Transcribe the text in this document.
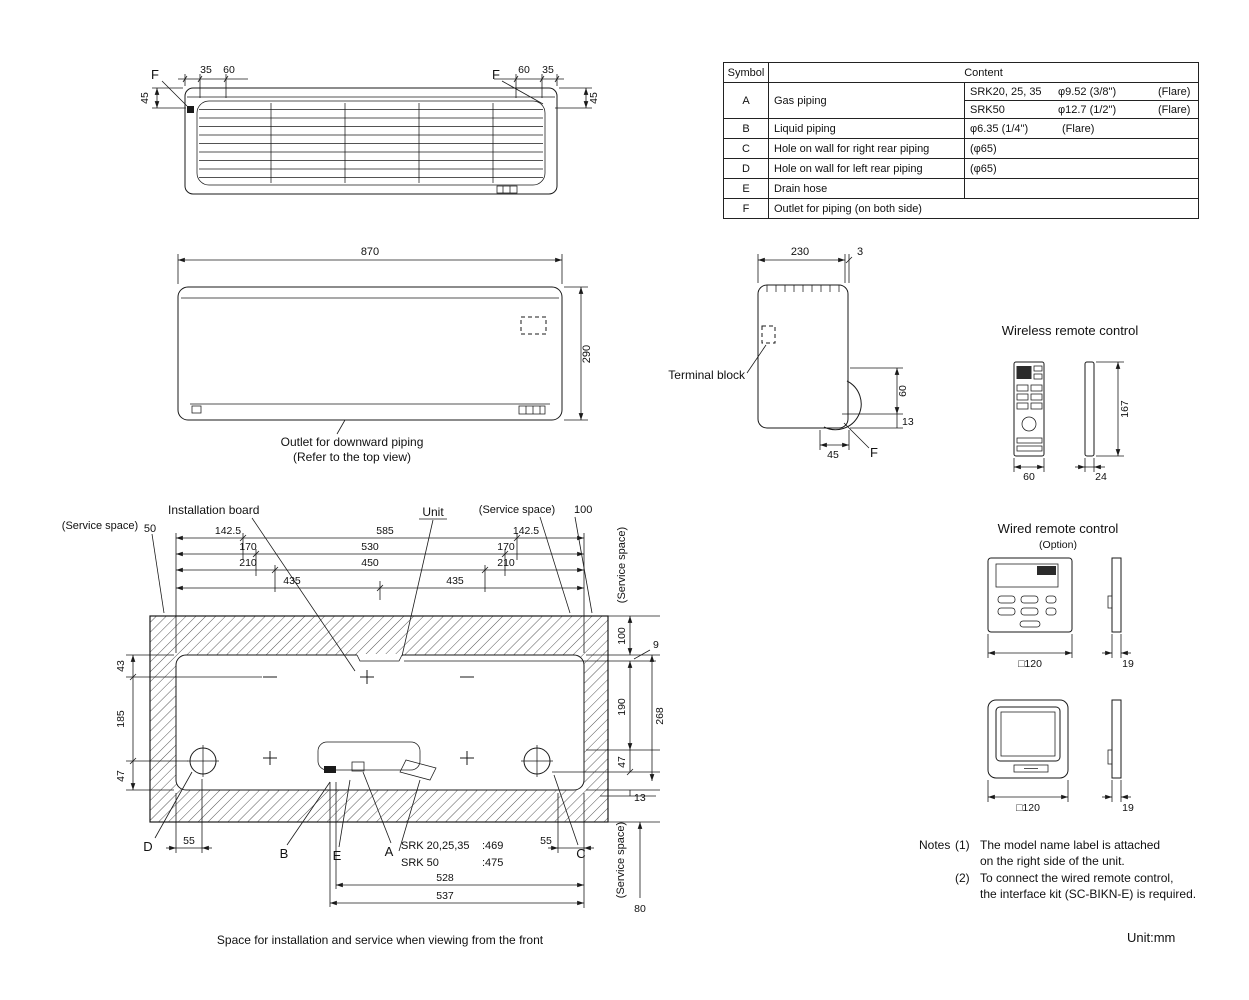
F	35 60	F 60 35
45	45
870
290
Outlet for downward piping
(Refer to the top view)
Terminal block
230	3
60
13
45 F
Wireless remote control
60	24
167
Wired remote control
(Option)
□120	19
□120	19
Installation board	Unit	(Service space) 100
(Service space) 50	142.5	585	142.5
170	530	170
210	450	210
435	435
43
185
47
100
9
190
268
47
13
(Service space)
(Service space)
80
D	55
B	E	A SRK 20,25,35 :469
SRK 50	:475
55
C
528
537
Notes (1) The model name label is attached
on the right side of the unit.
(2) To connect the wired remote control,
the interface kit (SC-BIKN-E) is required.
Unit:mm
Space for installation and service when viewing from the front
Symbol	Content
A	Gas piping
SRK20, 25, 35	φ9.52 (3/8")	(Flare)
SRK50	φ12.7 (1/2")	(Flare)
B	Liquid piping	φ6.35 (1/4")	(Flare)
C	Hole on wall for right rear piping	(φ65)
D	Hole on wall for left rear piping	(φ65)
E	Drain hose
F	Outlet for piping (on both side)
